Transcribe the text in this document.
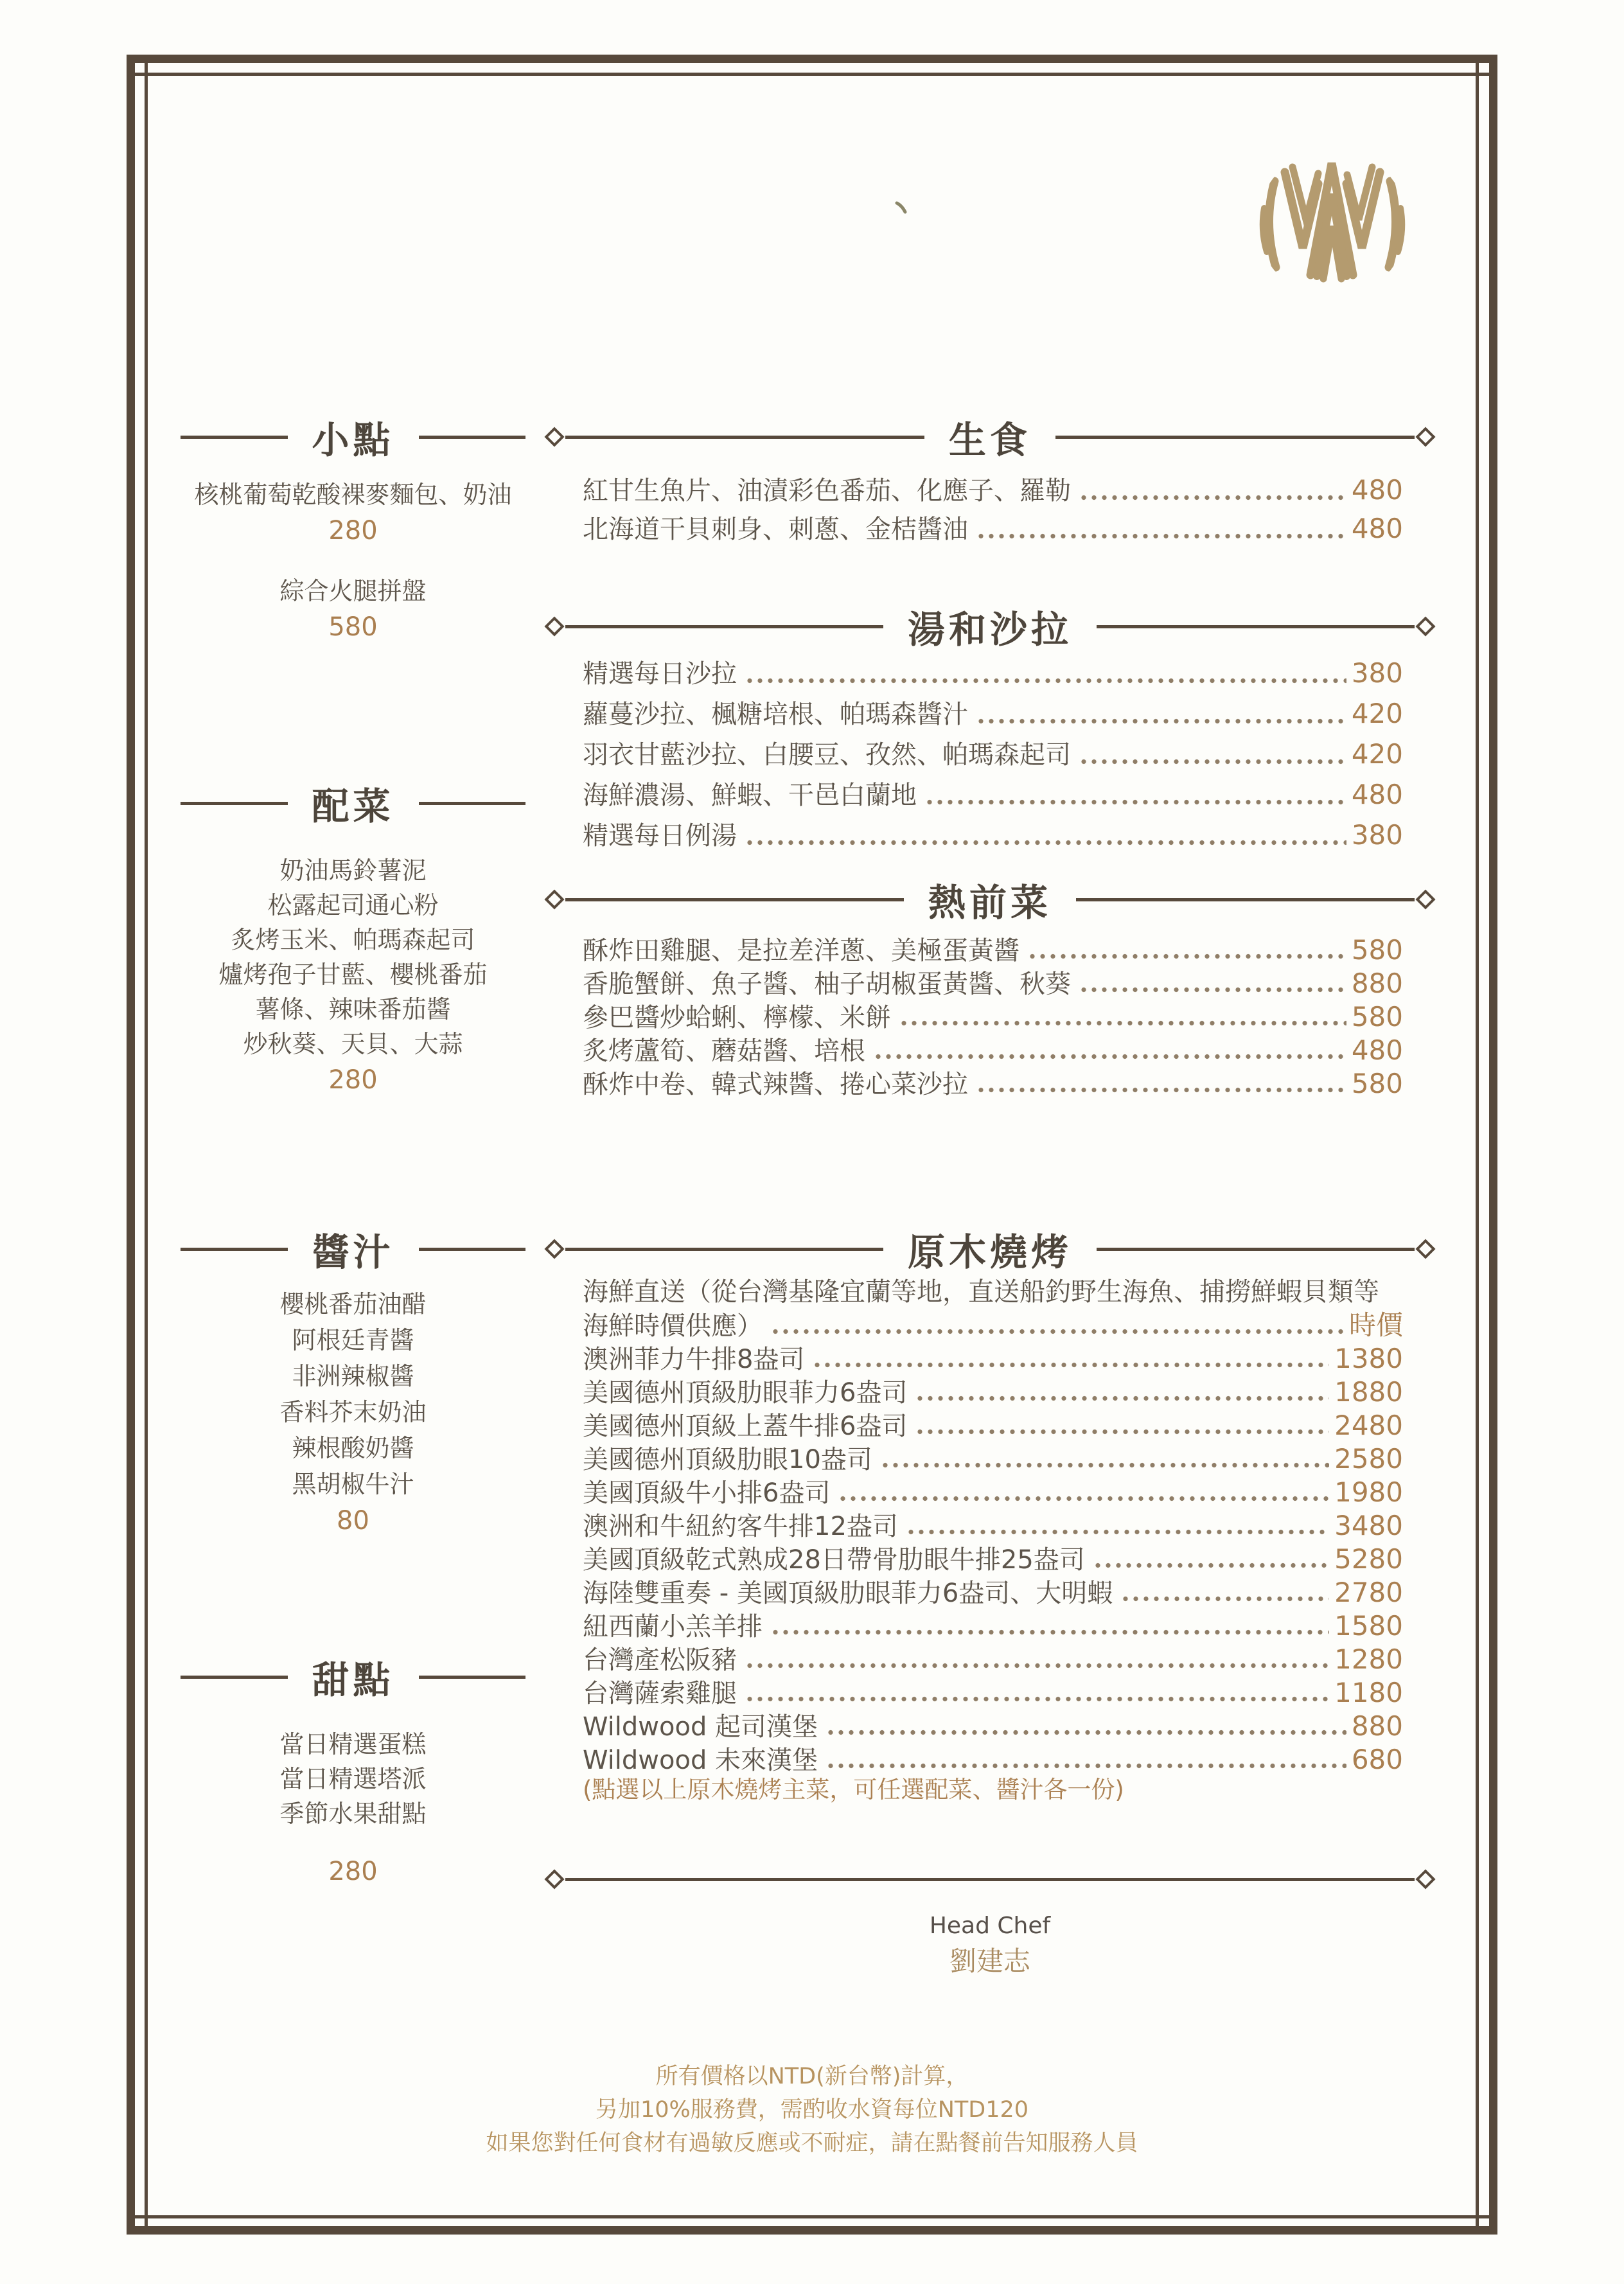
小點
核桃葡萄乾酸裸麥麵包、奶油
280
綜合火腿拼盤
580
配菜
奶油馬鈴薯泥
松露起司通心粉
炙烤玉米、帕瑪森起司
爐烤孢子甘藍、櫻桃番茄
薯條、辣味番茄醬
炒秋葵、天貝、大蒜
280
醬汁
櫻桃番茄油醋
阿根廷青醬
非洲辣椒醬
香料芥末奶油
辣根酸奶醬
黑胡椒牛汁
80
甜點
當日精選蛋糕
當日精選塔派
季節水果甜點
280
生食
紅甘生魚片、油漬彩色番茄、化應子、羅勒	480
北海道干貝刺身、刺蔥、金桔醬油	480
湯和沙拉
精選每日沙拉	380
蘿蔓沙拉、楓糖培根、帕瑪森醬汁	420
羽衣甘藍沙拉、白腰豆、孜然、帕瑪森起司	420
海鮮濃湯、鮮蝦、干邑白蘭地	480
精選每日例湯	380
熱前菜
酥炸田雞腿、是拉差洋蔥、美極蛋黃醬	580
香脆蟹餅、魚子醬、柚子胡椒蛋黃醬、秋葵	880
參巴醬炒蛤蜊、檸檬、米餅	580
炙烤蘆筍、蘑菇醬、培根	480
酥炸中卷、韓式辣醬、捲心菜沙拉	580
原木燒烤
海鮮直送（從台灣基隆宜蘭等地，直送船釣野生海魚、捕撈鮮蝦貝類等
海鮮時價供應）	時價
澳洲菲力牛排8盎司	1380
美國德州頂級肋眼菲力6盎司	1880
美國德州頂級上蓋牛排6盎司	2480
美國德州頂級肋眼10盎司	2580
美國頂級牛小排6盎司	1980
澳洲和牛紐約客牛排12盎司	3480
美國頂級乾式熟成28日帶骨肋眼牛排25盎司	5280
海陸雙重奏 - 美國頂級肋眼菲力6盎司、大明蝦	2780
紐西蘭小羔羊排	1580
台灣產松阪豬	1280
台灣薩索雞腿	1180
Wildwood 起司漢堡	880
Wildwood 未來漢堡	680
(點選以上原木燒烤主菜，可任選配菜、醬汁各一份)
Head Chef
劉建志
所有價格以NTD(新台幣)計算，
另加10%服務費，需酌收水資每位NTD120
如果您對任何食材有過敏反應或不耐症，請在點餐前告知服務人員
